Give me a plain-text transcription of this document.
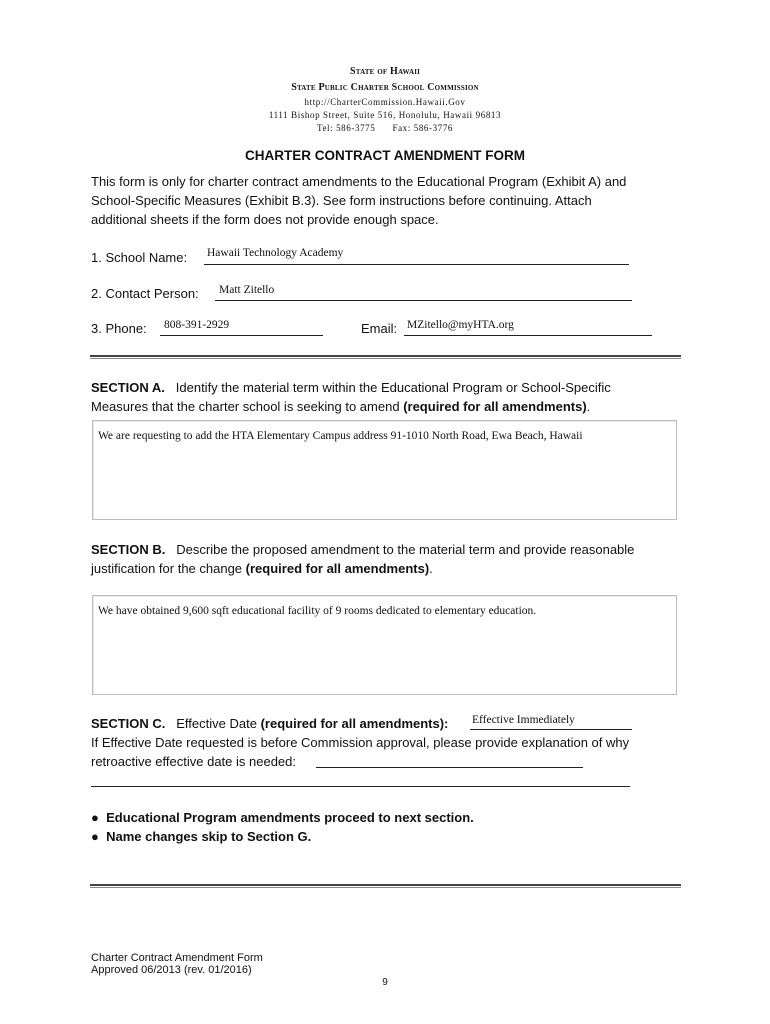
State of Hawaii
State Public Charter School Commission
http://CharterCommission.Hawaii.Gov
1111 Bishop Street, Suite 516, Honolulu, Hawaii 96813
Tel: 586-3775      Fax: 586-3776
CHARTER CONTRACT AMENDMENT FORM
This form is only for charter contract amendments to the Educational Program (Exhibit A) and
School-Specific Measures (Exhibit B.3). See form instructions before continuing. Attach
additional sheets if the form does not provide enough space.
1. School Name: Hawaii Technology Academy
2. Contact Person: Matt Zitello
3. Phone: 808-391-2929	Email: MZitello@myHTA.org
SECTION A. Identify the material term within the Educational Program or School-Specific
Measures that the charter school is seeking to amend (required for all amendments).
We are requesting to add the HTA Elementary Campus address 91-1010 North Road, Ewa Beach, Hawaii
SECTION B. Describe the proposed amendment to the material term and provide reasonable
justification for the change (required for all amendments).
We have obtained 9,600 sqft educational facility of 9 rooms dedicated to elementary education.
SECTION C. Effective Date (required for all amendments):
If Effective Date requested is before Commission approval, please provide explanation of why
retroactive effective date is needed:
Effective Immediately
●  Educational Program amendments proceed to next section.
●  Name changes skip to Section G.
Charter Contract Amendment Form
Approved 06/2013 (rev. 01/2016)
9
